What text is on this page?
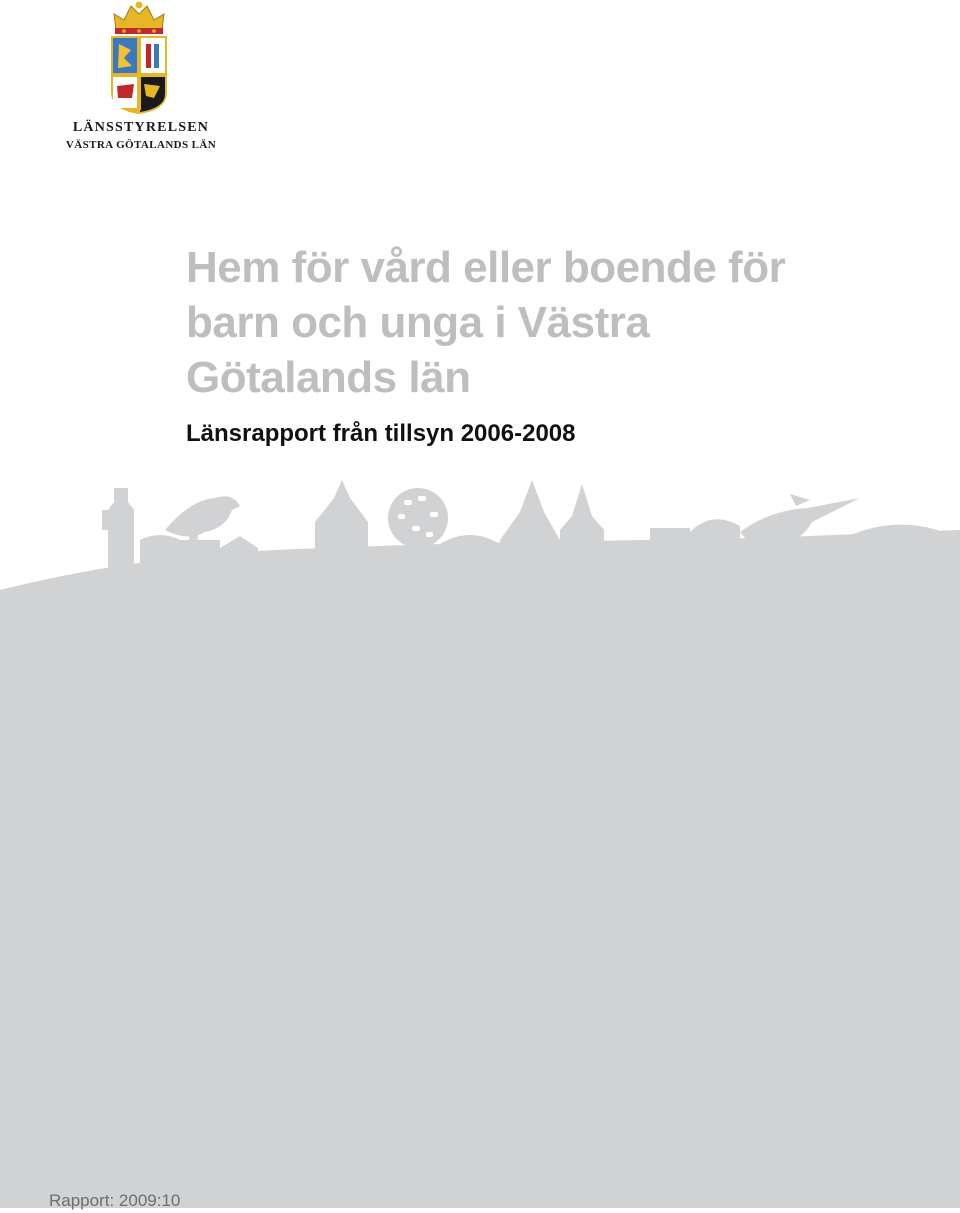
LÄNSSTYRELSEN
VÄSTRA GÖTALANDS LÄN
Hem för vård eller boende för
barn och unga i Västra
Götalands län
Länsrapport från tillsyn 2006-2008
Rapport: 2009:10
